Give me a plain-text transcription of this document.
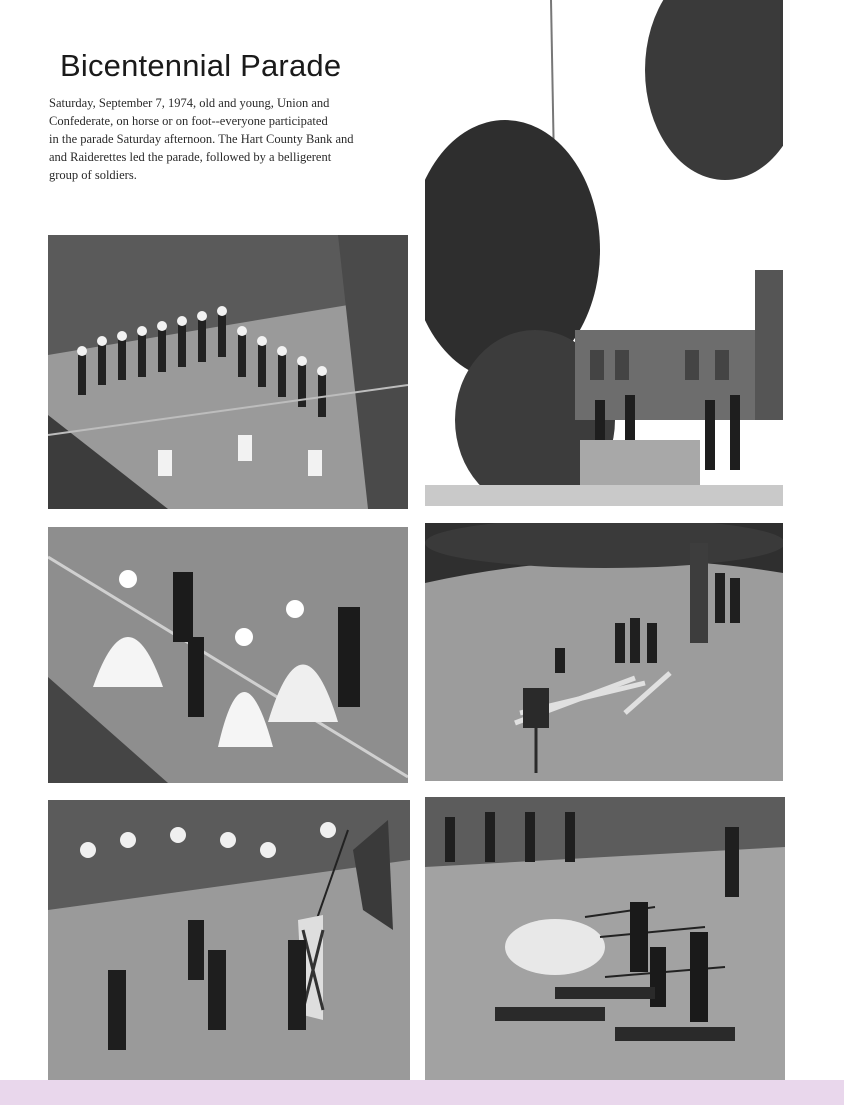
Bicentennial Parade
Saturday, September 7, 1974, old and young, Union and
Confederate, on horse or on foot--everyone participated
in the parade Saturday afternoon. The Hart County Bank and
and Raiderettes led the parade, followed by a belligerent
group of soldiers.
